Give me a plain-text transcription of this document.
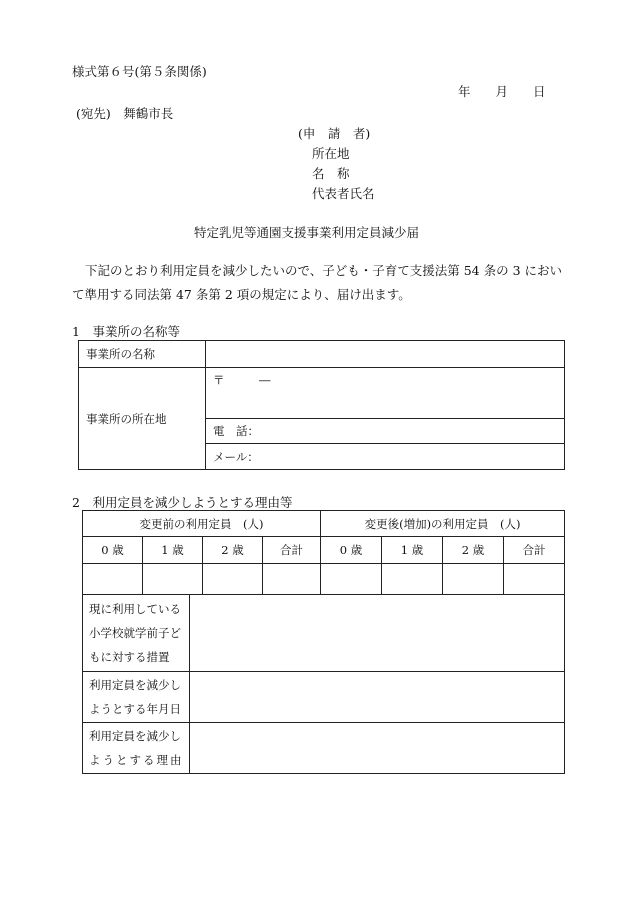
様式第６号(第５条関係)
年　　月　　日
(宛先)　舞鶴市長
(申　請　者)
所在地
名　称
代表者氏名
特定乳児等通園支援事業利用定員減少届
下記のとおり利用定員を減少したいので、子ども・子育て支援法第 54 条の 3 において準用する同法第 47 条第 2 項の規定により、届け出ます。
1　事業所の名称等
事業所の名称	
事業所の所在地	〒　　　―
	電　話：
	メール：
2　利用定員を減少しようとする理由等
変更前の利用定員　(人)				変更後(増加)の利用定員　(人)			
0 歳	1 歳	2 歳	合計	0 歳	1 歳	2 歳	合計

現に利用している
小学校就学前子ど
もに対する措置	

利用定員を減少し
ようとする年月日	

利用定員を減少し
ようとする理由	
